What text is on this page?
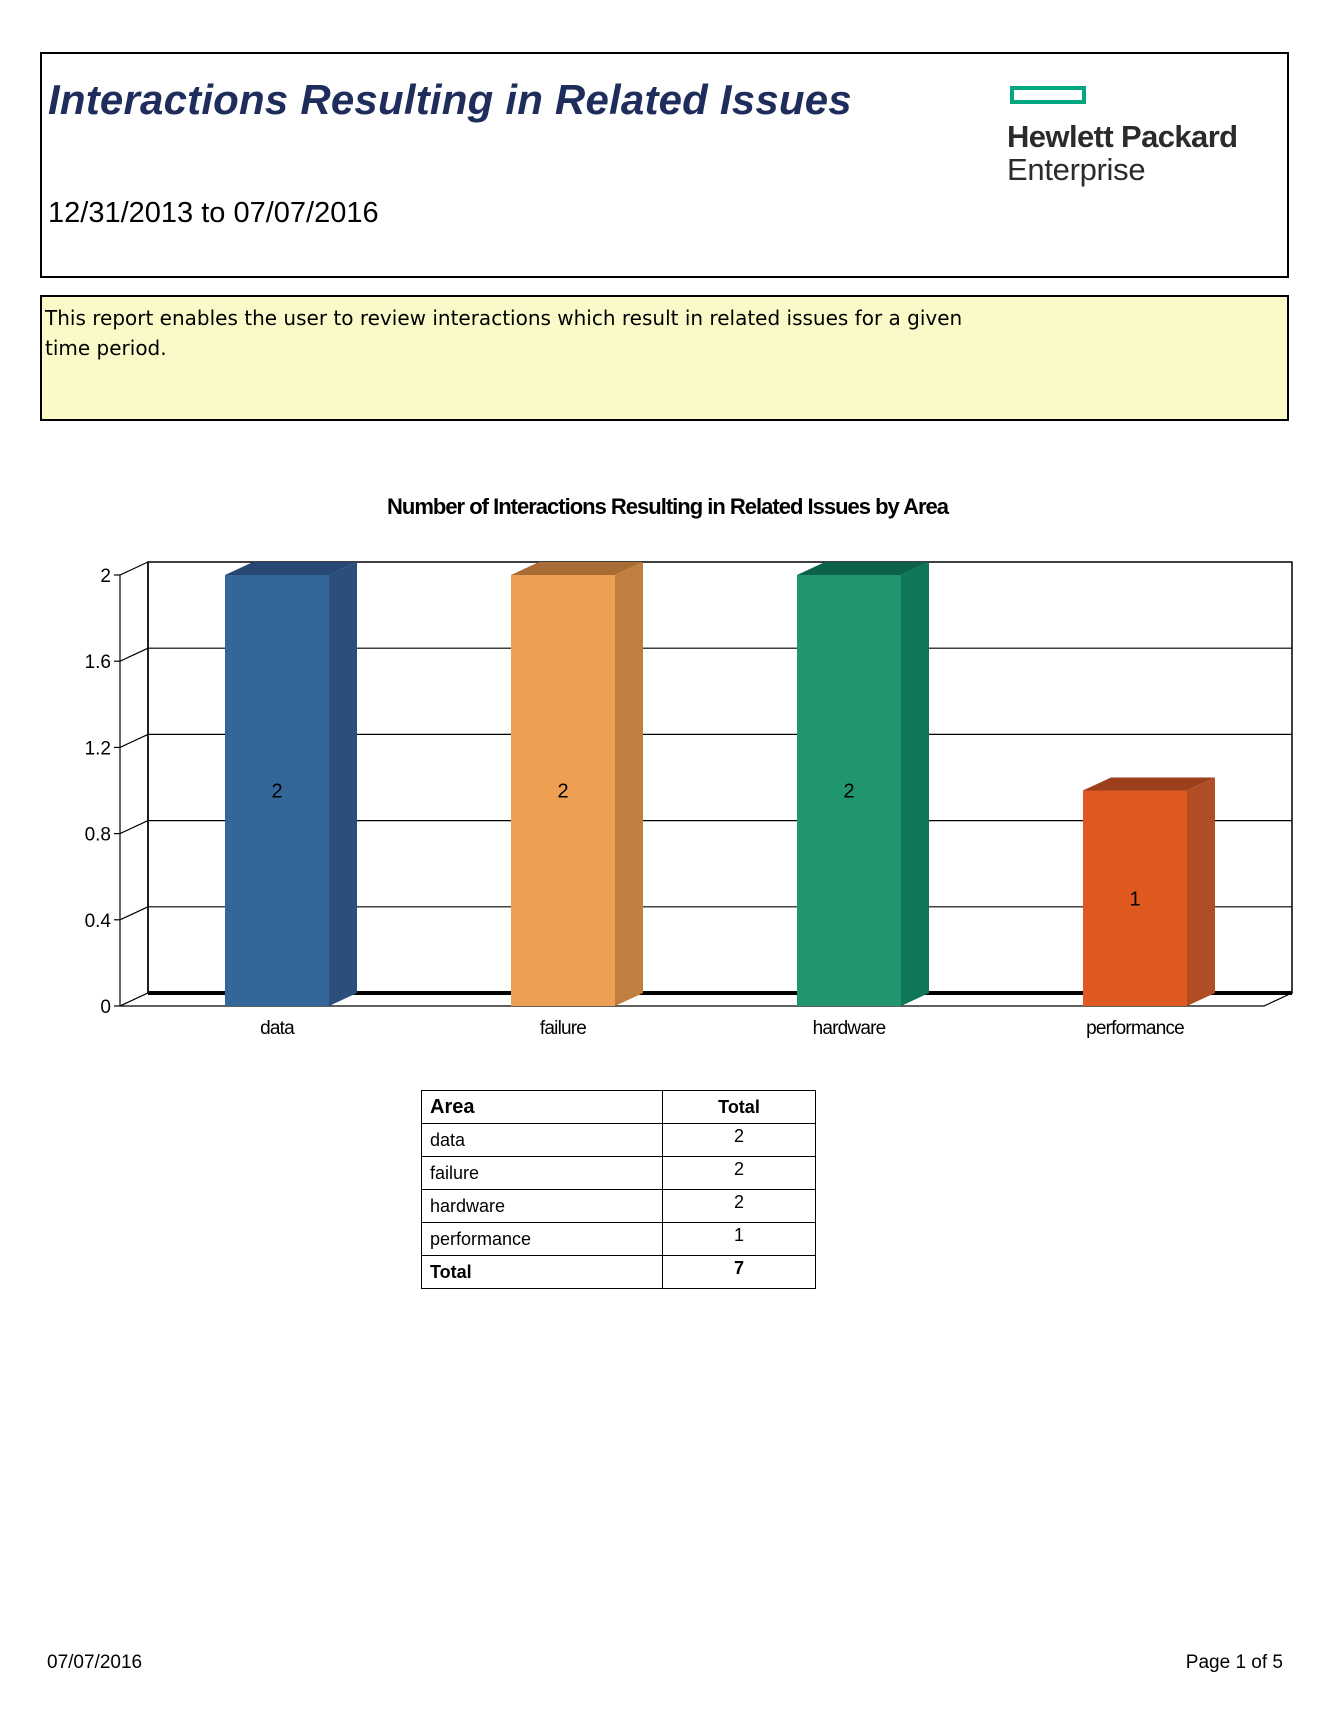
Interactions Resulting in Related Issues
12/31/2013 to 07/07/2016
Hewlett Packard
Enterprise
This report enables the user to review interactions which result in related issues for a given time period.
Number of Interactions Resulting in Related Issues by Area
0
0.4
0.8
1.2
1.6
2
2
data
2
failure
2
hardware
1
performance
Area	Total
data	2
failure	2
hardware	2
performance	1
Total	7
07/07/2016	Page 1 of 5
